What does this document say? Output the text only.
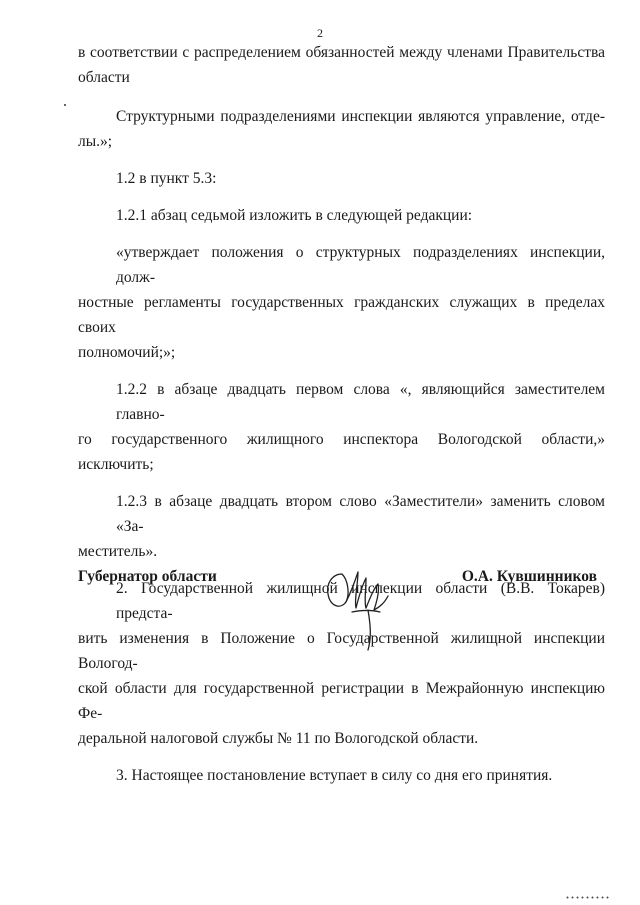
2
в соответствии с распределением обязанностей между членами Правительства
области
Структурными подразделениями инспекции являются управление, отде-
лы.»;
1.2 в пункт 5.3:
1.2.1 абзац седьмой изложить в следующей редакции:
«утверждает положения о структурных подразделениях инспекции, долж-
ностные регламенты государственных гражданских служащих в пределах своих
полномочий;»;
1.2.2 в абзаце двадцать первом слова «, являющийся заместителем главно-
го государственного жилищного инспектора Вологодской области,» исключить;
1.2.3 в абзаце двадцать втором слово «Заместители» заменить словом «За-
меститель».
2. Государственной жилищной инспекции области (В.В. Токарев) предста-
вить изменения в Положение о Государственной жилищной инспекции Вологод-
ской области для государственной регистрации в Межрайонную инспекцию Фе-
деральной налоговой службы № 11 по Вологодской области.
3. Настоящее постановление вступает в силу со дня его принятия.
Губернатор области	О.А. Кувшинников
